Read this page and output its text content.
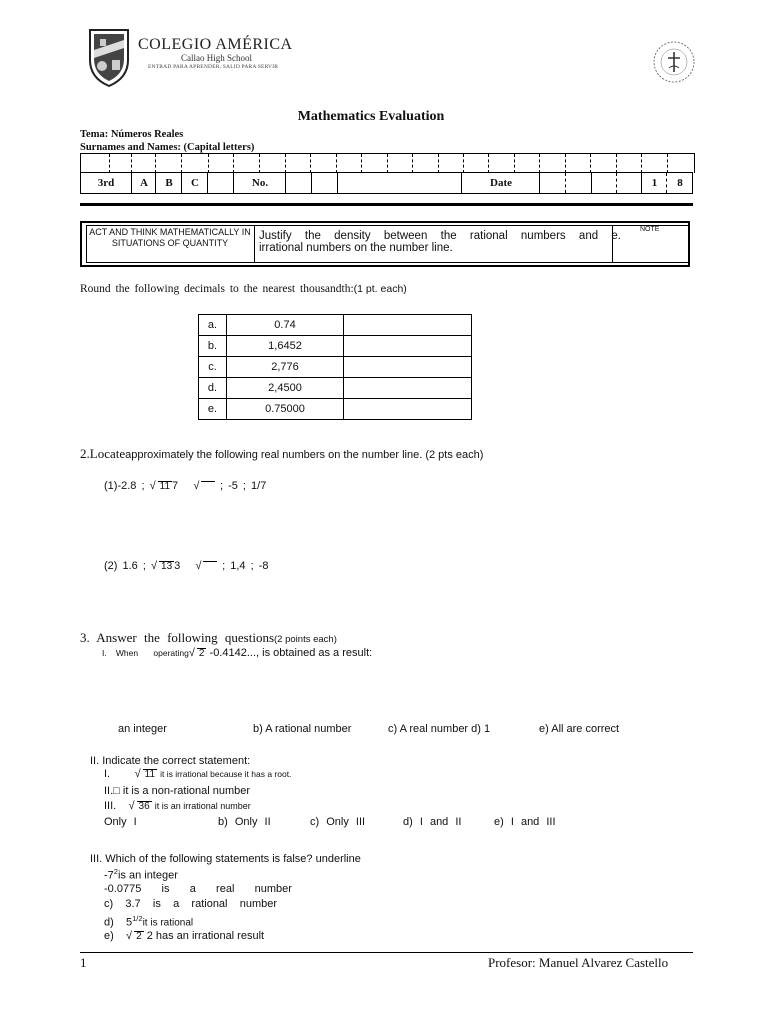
COLEGIO AMÉRICA
Callao High School
ENTRAD PARA APRENDER, SALID PARA SERVIR
Mathematics Evaluation
Tema: Números Reales
Surnames and Names: (Capital letters)
3rd	A	B	C	No.	Date	1	8
ACT AND THINK MATHEMATICALLY IN SITUATIONS OF QUANTITY
Justify the density between the rational numbers and e.
irrational numbers on the number line.
NOTE
Round the following decimals to the nearest thousandth:(1 pt. each)
a.	0.74	
b.	1,6452	
c.	2,776	
d.	2,4500	
e.	0.75000	
2.Locateapproximately the following real numbers on the number line. (2 pts each)
(1)-2.8 ; √ 11 7 √   ; -5 ; 1/7
(2) 1.6 ; √ 13 3 √   ; 1,4 ; -8
3. Answer the following questions(2 points each)
I. When operating√ 2 -0.4142..., is obtained as a result:
an integer	b) A rational number	c) A real number d) 1	e) All are correct
II. Indicate the correct statement:
I. √ 11 it is irrational because it has a root.
II.□ it is a non-rational number
III. √ 36 it is an irrational number
Only I	b) Only II	c) Only III	d) I and II	e) I and III
III. Which of the following statements is false? underline
$-7^2is$ an integer
-0.0775    is    a    real    number
c)    3.7    is    a    rational    number
d)    $5^{1/2}it$ is rational
e) √ 2 2 has an irrational result
1	Profesor: Manuel Alvarez Castello
